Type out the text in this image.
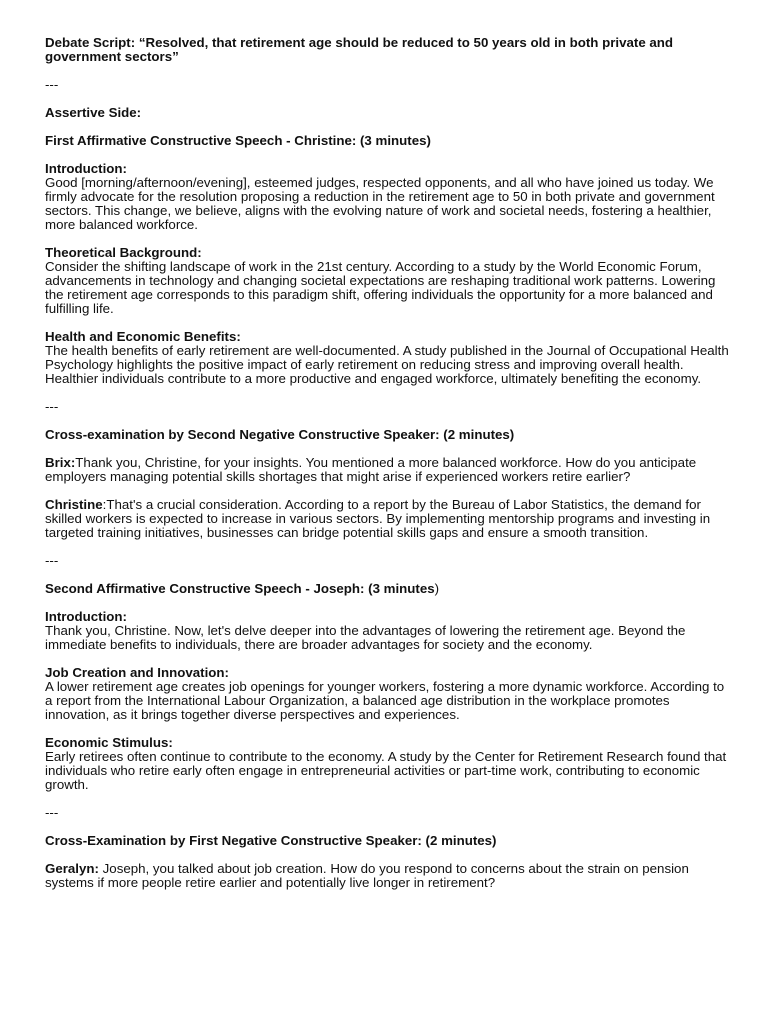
Debate Script: “Resolved, that retirement age should be reduced to 50 years old in both private and government sectors”
---
Assertive Side:
First Affirmative Constructive Speech - Christine: (3 minutes)
Introduction:
Good [morning/afternoon/evening], esteemed judges, respected opponents, and all who have joined us today. We firmly advocate for the resolution proposing a reduction in the retirement age to 50 in both private and government sectors. This change, we believe, aligns with the evolving nature of work and societal needs, fostering a healthier, more balanced workforce.
Theoretical Background:
Consider the shifting landscape of work in the 21st century. According to a study by the World Economic Forum, advancements in technology and changing societal expectations are reshaping traditional work patterns. Lowering the retirement age corresponds to this paradigm shift, offering individuals the opportunity for a more balanced and fulfilling life.
Health and Economic Benefits:
The health benefits of early retirement are well-documented. A study published in the Journal of Occupational Health Psychology highlights the positive impact of early retirement on reducing stress and improving overall health. Healthier individuals contribute to a more productive and engaged workforce, ultimately benefiting the economy.
---
Cross-examination by Second Negative Constructive Speaker: (2 minutes)
Brix:Thank you, Christine, for your insights. You mentioned a more balanced workforce. How do you anticipate employers managing potential skills shortages that might arise if experienced workers retire earlier?
Christine:That's a crucial consideration. According to a report by the Bureau of Labor Statistics, the demand for skilled workers is expected to increase in various sectors. By implementing mentorship programs and investing in targeted training initiatives, businesses can bridge potential skills gaps and ensure a smooth transition.
---
Second Affirmative Constructive Speech - Joseph: (3 minutes)
Introduction:
Thank you, Christine. Now, let's delve deeper into the advantages of lowering the retirement age. Beyond the immediate benefits to individuals, there are broader advantages for society and the economy.
Job Creation and Innovation:
A lower retirement age creates job openings for younger workers, fostering a more dynamic workforce. According to a report from the International Labour Organization, a balanced age distribution in the workplace promotes innovation, as it brings together diverse perspectives and experiences.
Economic Stimulus:
Early retirees often continue to contribute to the economy. A study by the Center for Retirement Research found that individuals who retire early often engage in entrepreneurial activities or part-time work, contributing to economic growth.
---
Cross-Examination by First Negative Constructive Speaker: (2 minutes)
Geralyn: Joseph, you talked about job creation. How do you respond to concerns about the strain on pension systems if more people retire earlier and potentially live longer in retirement?
